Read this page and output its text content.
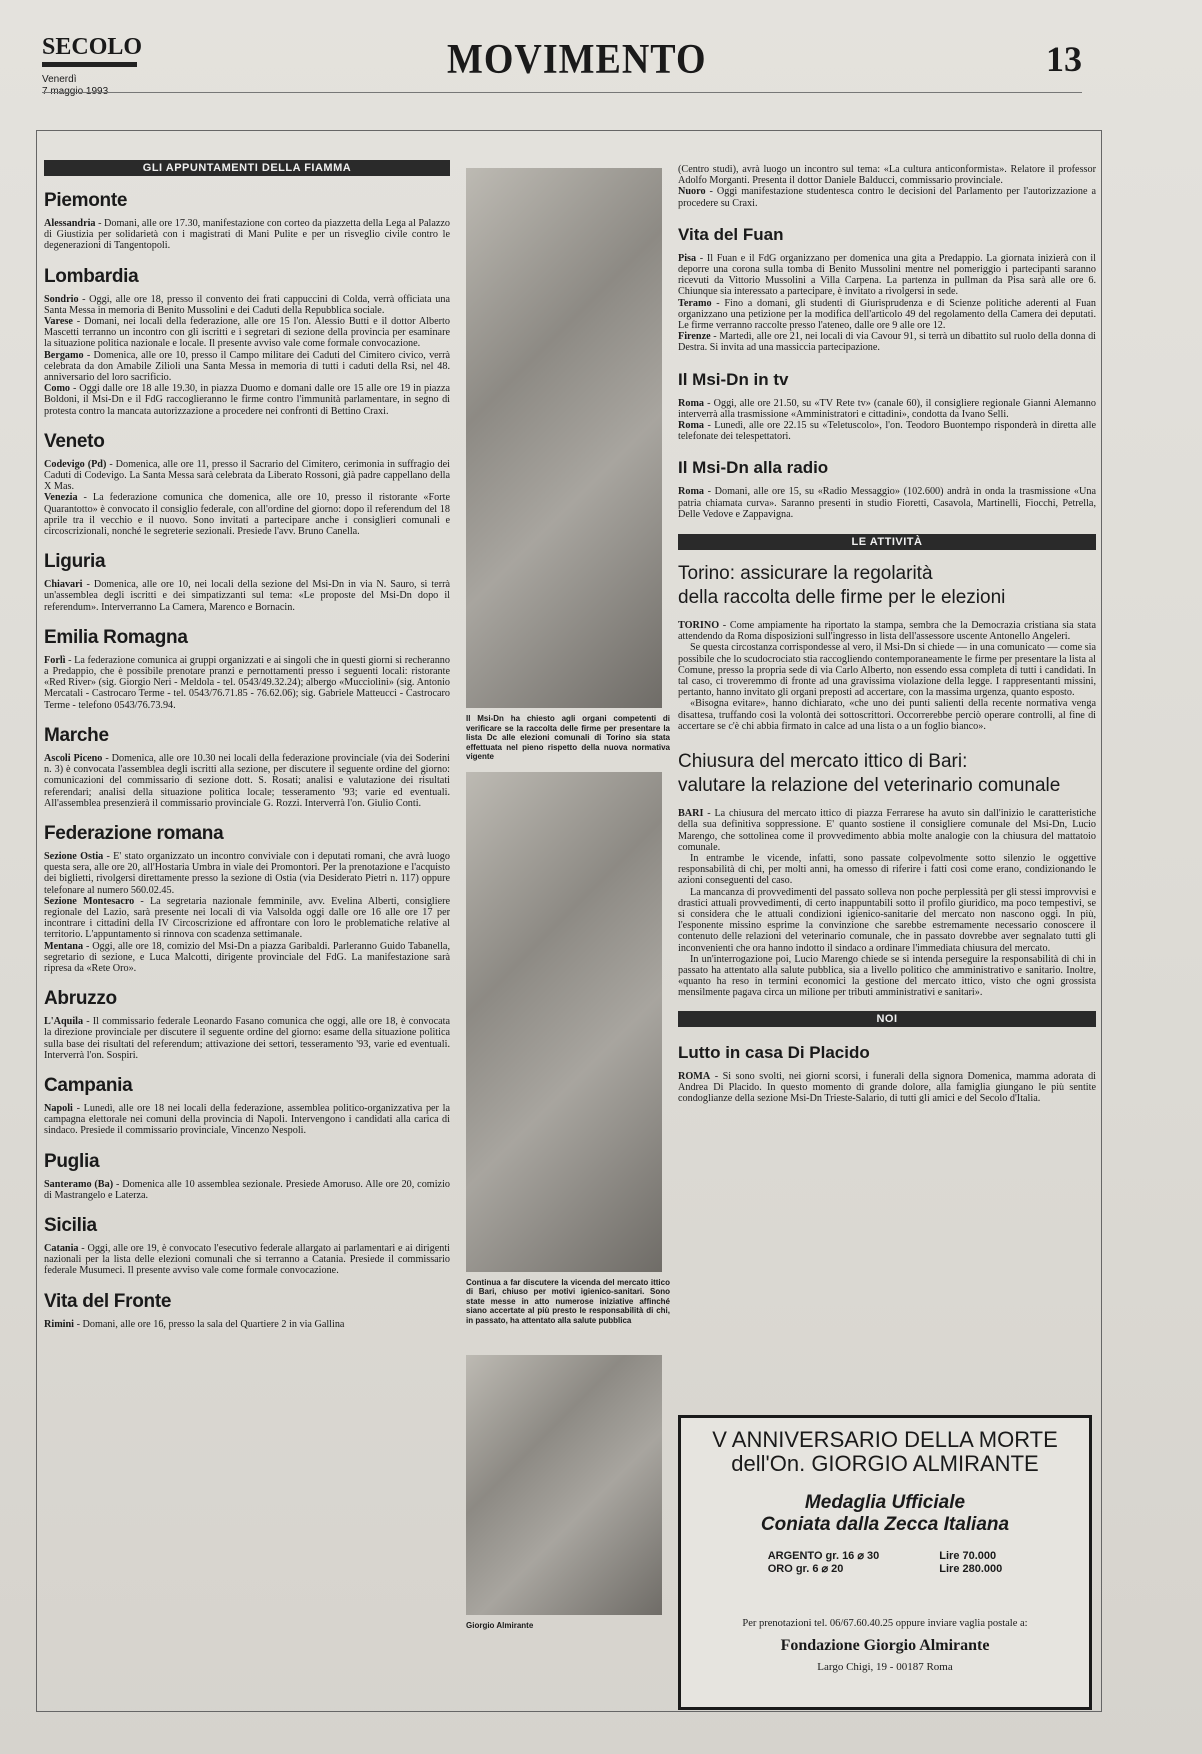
SECOLO
Venerdì	MOVIMENTO	13
GLI APPUNTAMENTI DELLA FIAMMA
Piemonte

Alessandria - Domani, alle ore 17.30, manifestazione con corteo da piazzetta della Lega al Palazzo di Giustizia per solidarietà con i magistrati di Mani Pulite e per un risveglio civile contro le degenerazioni di Tangentopoli.

Lombardia

Sondrio - Oggi, alle ore 18, presso il convento dei frati cappuccini di Colda, verrà officiata una Santa Messa in memoria di Benito Mussolini e dei Caduti della Repubblica sociale.

Varese - Domani, nei locali della federazione, alle ore 15 l'on. Alessio Butti e il dottor Alberto Mascetti terranno un incontro con gli iscritti e i segretari di sezione della provincia per esaminare la situazione politica nazionale e locale. Il presente avviso vale come formale convocazione.

Bergamo - Domenica, alle ore 10, presso il Campo militare dei Caduti del Cimitero civico, verrà celebrata da don Amabile Zilioli una Santa Messa in memoria di tutti i caduti della Rsi, nel 48. anniversario del loro sacrificio.

Como - Oggi dalle ore 18 alle 19.30, in piazza Duomo e domani dalle ore 15 alle ore 19 in piazza Boldoni, il Msi-Dn e il FdG raccoglieranno le firme contro l'immunità parlamentare, in segno di protesta contro la mancata autorizzazione a procedere nei confronti di Bettino Craxi.

Veneto

Codevigo (Pd) - Domenica, alle ore 11, presso il Sacrario del Cimitero, cerimonia in suffragio dei Caduti di Codevigo. La Santa Messa sarà celebrata da Liberato Rossoni, già padre cappellano della X Mas.

Venezia - La federazione comunica che domenica, alle ore 10, presso il ristorante «Forte Quarantotto» è convocato il consiglio federale, con all'ordine del giorno: dopo il referendum del 18 aprile tra il vecchio e il nuovo. Sono invitati a partecipare anche i consiglieri comunali e circoscrizionali, nonché le segreterie sezionali. Presiede l'avv. Bruno Canella.

Liguria

Chiavari - Domenica, alle ore 10, nei locali della sezione del Msi-Dn in via N. Sauro, si terrà un'assemblea degli iscritti e dei simpatizzanti sul tema: «Le proposte del Msi-Dn dopo il referendum». Interverranno La Camera, Marenco e Bornacin.

Emilia Romagna

Forlì - La federazione comunica ai gruppi organizzati e ai singoli che in questi giorni si recheranno a Predappio, che è possibile prenotare pranzi e pernottamenti presso i seguenti locali: ristorante «Red River» (sig. Giorgio Neri - Meldola - tel. 0543/49.32.24); albergo «Mucciolini» (sig. Antonio Mercatali - Castrocaro Terme - tel. 0543/76.71.85 - 76.62.06); sig. Gabriele Matteucci - Castrocaro Terme - telefono 0543/76.73.94.

Marche

Ascoli Piceno - Domenica, alle ore 10.30 nei locali della federazione provinciale (via dei Soderini n. 3) è convocata l'assemblea degli iscritti alla sezione, per discutere il seguente ordine del giorno: comunicazioni del commissario di sezione dott. S. Rosati; analisi e valutazione dei risultati referendari; analisi della situazione politica locale; tesseramento '93; varie ed eventuali. All'assemblea presenzierà il commissario provinciale G. Rozzi. Interverrà l'on. Giulio Conti.

Federazione romana

Sezione Ostia - E' stato organizzato un incontro conviviale con i deputati romani, che avrà luogo questa sera, alle ore 20, all'Hostaria Umbra in viale dei Promontori. Per la prenotazione e l'acquisto dei biglietti, rivolgersi direttamente presso la sezione di Ostia (via Desiderato Pietri n. 117) oppure telefonare al numero 560.02.45.

Sezione Montesacro - La segretaria nazionale femminile, avv. Evelina Alberti, consigliere regionale del Lazio, sarà presente nei locali di via Valsolda oggi dalle ore 16 alle ore 17 per incontrare i cittadini della IV Circoscrizione ed affrontare con loro le problematiche relative al territorio. L'appuntamento si rinnova con scadenza settimanale.

Mentana - Oggi, alle ore 18, comizio del Msi-Dn a piazza Garibaldi. Parleranno Guido Tabanella, segretario di sezione, e Luca Malcotti, dirigente provinciale del FdG. La manifestazione sarà ripresa da «Rete Oro».

Abruzzo

L'Aquila - Il commissario federale Leonardo Fasano comunica che oggi, alle ore 18, è convocata la direzione provinciale per discutere il seguente ordine del giorno: esame della situazione politica sulla base dei risultati del referendum; attivazione dei settori, tesseramento '93, varie ed eventuali. Interverrà l'on. Sospiri.

Campania

Napoli - Lunedì, alle ore 18 nei locali della federazione, assemblea politico-organizzativa per la campagna elettorale nei comuni della provincia di Napoli. Intervengono i candidati alla carica di sindaco. Presiede il commissario provinciale, Vincenzo Nespoli.

Puglia

Santeramo (Ba) - Domenica alle 10 assemblea sezionale. Presiede Amoruso. Alle ore 20, comizio di Mastrangelo e Laterza.

Sicilia

Catania - Oggi, alle ore 19, è convocato l'esecutivo federale allargato ai parlamentari e ai dirigenti nazionali per la lista delle elezioni comunali che si terranno a Catania. Presiede il commissario federale Musumeci. Il presente avviso vale come formale convocazione.

Vita del Fronte

Rimini - Domani, alle ore 16, presso la sala del Quartiere 2 in via Gallina

Il Msi-Dn ha chiesto agli organi competenti di verificare se la raccolta delle firme per presentare la lista Dc alle elezioni comunali di Torino sia stata effettuata nel pieno rispetto della nuova normativa vigente
Continua a far discutere la vicenda del mercato ittico di Bari, chiuso per motivi igienico-sanitari. Sono state messe in atto numerose iniziative affinché siano accertate al più presto le responsabilità di chi, in passato, ha attentato alla salute pubblica
Giorgio Almirante

(Centro studi), avrà luogo un incontro sul tema: «La cultura anticonformista». Relatore il professor Adolfo Morganti. Presenta il dottor Daniele Balducci, commissario provinciale.

Nuoro - Oggi manifestazione studentesca contro le decisioni del Parlamento per l'autorizzazione a procedere su Craxi.

Vita del Fuan

Pisa - Il Fuan e il FdG organizzano per domenica una gita a Predappio. La giornata inizierà con il deporre una corona sulla tomba di Benito Mussolini mentre nel pomeriggio i partecipanti saranno ricevuti da Vittorio Mussolini a Villa Carpena. La partenza in pullman da Pisa sarà alle ore 6. Chiunque sia interessato a partecipare, è invitato a rivolgersi in sede.

Teramo - Fino a domani, gli studenti di Giurisprudenza e di Scienze politiche aderenti al Fuan organizzano una petizione per la modifica dell'articolo 49 del regolamento della Camera dei deputati. Le firme verranno raccolte presso l'ateneo, dalle ore 9 alle ore 12.

Firenze - Martedì, alle ore 21, nei locali di via Cavour 91, si terrà un dibattito sul ruolo della donna di Destra. Si invita ad una massiccia partecipazione.

Il Msi-Dn in tv

Roma - Oggi, alle ore 21.50, su «TV Rete tv» (canale 60), il consigliere regionale Gianni Alemanno interverrà alla trasmissione «Amministratori e cittadini», condotta da Ivano Selli.

Roma - Lunedì, alle ore 22.15 su «Teletuscolo», l'on. Teodoro Buontempo risponderà in diretta alle telefonate dei telespettatori.

Il Msi-Dn alla radio

Roma - Domani, alle ore 15, su «Radio Messaggio» (102.600) andrà in onda la trasmissione «Una patria chiamata curva». Saranno presenti in studio Fioretti, Casavola, Martinelli, Fiocchi, Petrella, Delle Vedove e Zappavigna.

LE ATTIVITÀ
Torino: assicurare la regolarità
della raccolta delle firme per le elezioni

TORINO - Come ampiamente ha riportato la stampa, sembra che la Democrazia cristiana sia stata attendendo da Roma disposizioni sull'ingresso in lista dell'assessore uscente Antonello Angeleri.

Se questa circostanza corrispondesse al vero, il Msi-Dn si chiede — in una comunicato — come sia possibile che lo scudocrociato stia raccogliendo contemporaneamente le firme per presentare la lista al Comune, presso la propria sede di via Carlo Alberto, non essendo essa completa di tutti i candidati. In tal caso, ci troveremmo di fronte ad una gravissima violazione della legge. I rappresentanti missini, pertanto, hanno invitato gli organi preposti ad accertare, con la massima urgenza, quanto esposto.

«Bisogna evitare», hanno dichiarato, «che uno dei punti salienti della recente normativa venga disattesa, truffando così la volontà dei sottoscrittori. Occorrerebbe perciò operare controlli, al fine di accertare se c'è chi abbia firmato in calce ad una lista o a un foglio bianco».

Chiusura del mercato ittico di Bari:
valutare la relazione del veterinario comunale

BARI - La chiusura del mercato ittico di piazza Ferrarese ha avuto sin dall'inizio le caratteristiche della sua definitiva soppressione. E' quanto sostiene il consigliere comunale del Msi-Dn, Lucio Marengo, che sottolinea come il provvedimento abbia molte analogie con la chiusura del mattatoio comunale.

In entrambe le vicende, infatti, sono passate colpevolmente sotto silenzio le oggettive responsabilità di chi, per molti anni, ha omesso di riferire i fatti così come erano, condizionando le azioni conseguenti del caso.

La mancanza di provvedimenti del passato solleva non poche perplessità per gli stessi improvvisi e drastici attuali provvedimenti, di certo inappuntabili sotto il profilo giuridico, ma poco tempestivi, se si considera che le attuali condizioni igienico-sanitarie del mercato non nascono oggi. In più, l'esponente missino esprime la convinzione che sarebbe estremamente necessario conoscere il contenuto delle relazioni del veterinario comunale, che in passato dovrebbe aver segnalato tutti gli inconvenienti che ora hanno indotto il sindaco a ordinare l'immediata chiusura del mercato.

In un'interrogazione poi, Lucio Marengo chiede se si intenda perseguire la responsabilità di chi in passato ha attentato alla salute pubblica, sia a livello politico che amministrativo e sanitario. Inoltre, «quanto ha reso in termini economici la gestione del mercato ittico, visto che ogni grossista mensilmente pagava circa un milione per tributi amministrativi e sanitari».

NOI
Lutto in casa Di Placido

ROMA - Si sono svolti, nei giorni scorsi, i funerali della signora Domenica, mamma adorata di Andrea Di Placido. In questo momento di grande dolore, alla famiglia giungano le più sentite condoglianze della sezione Msi-Dn Trieste-Salario, di tutti gli amici e del Secolo d'Italia.

V ANNIVERSARIO DELLA MORTE
dell'On. GIORGIO ALMIRANTE
Medaglia Ufficiale
Coniata dalla Zecca Italiana
ARGENTO gr. 16 ⌀ 30
ORO gr. 6 ⌀ 20
Lire 70.000
Lire 280.000
Per prenotazioni tel. 06/67.60.40.25 oppure inviare vaglia postale a:
Fondazione Giorgio Almirante
Largo Chigi, 19 - 00187 Roma
